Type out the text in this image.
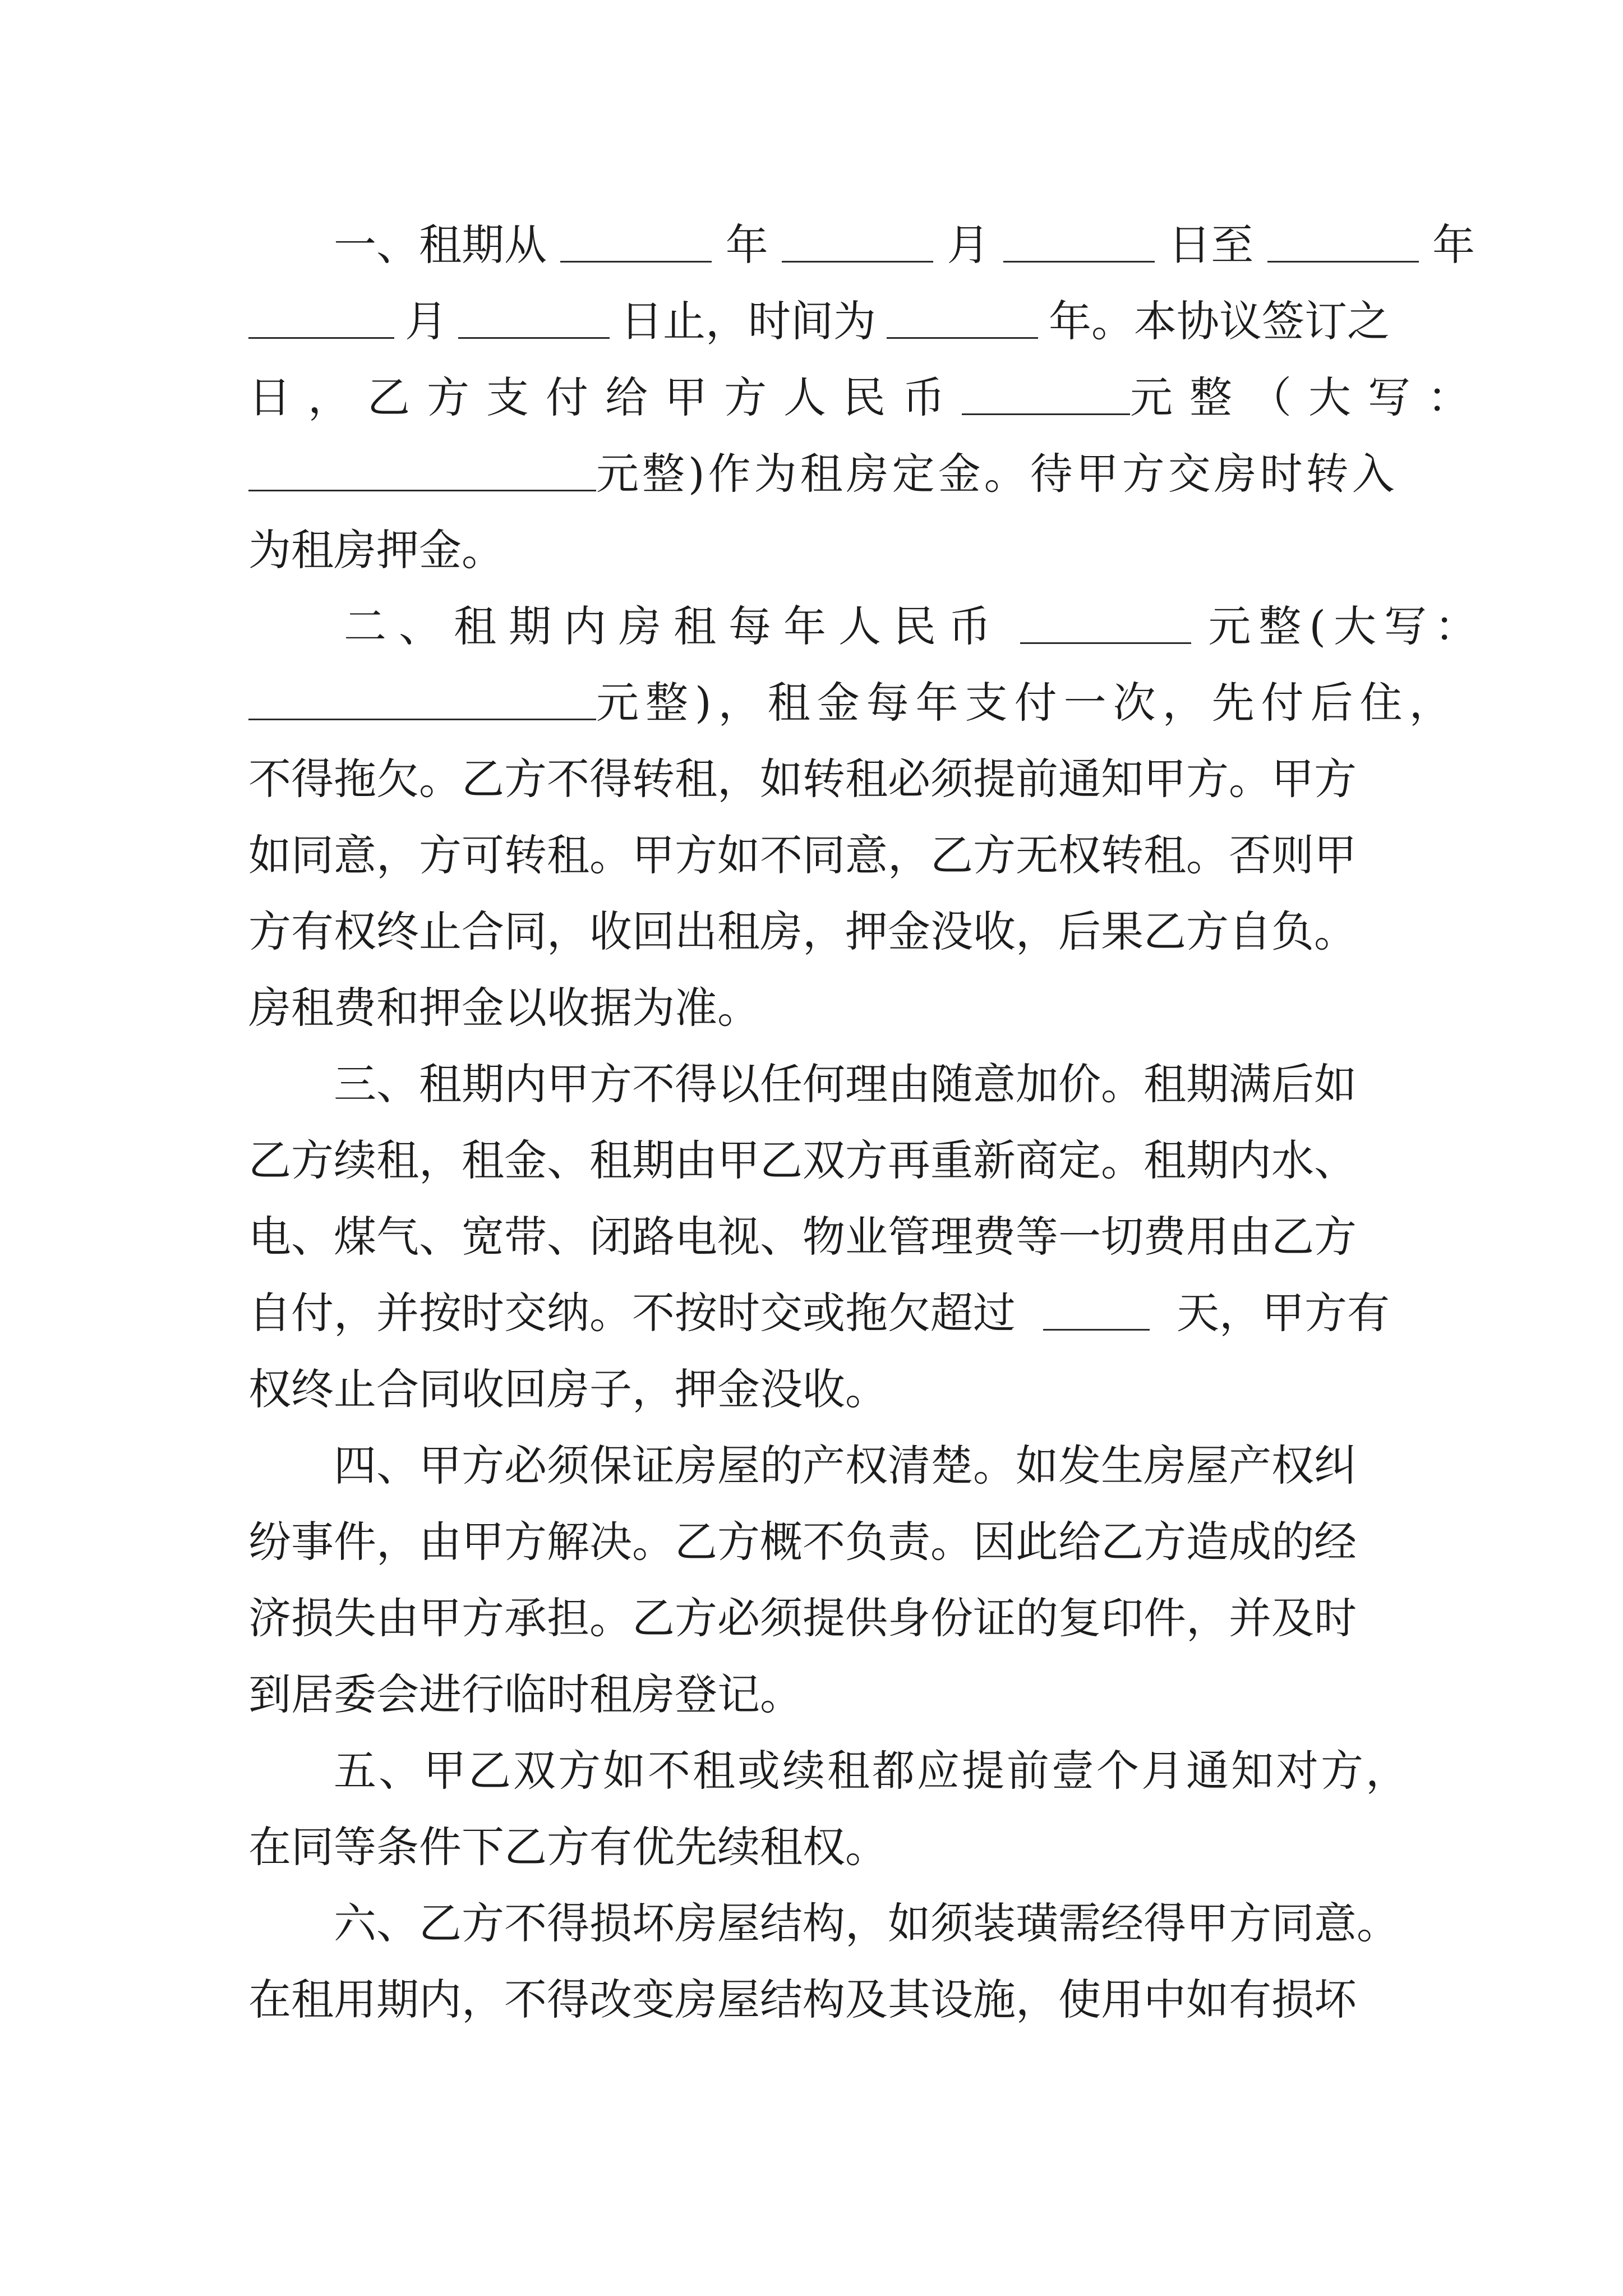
一、租期从	年	月	日至	年
月	日止，时间为	年。本协议签订之
日， 乙方支付给甲方人民币	元整（大写：
元整)作为租房定金。待甲方交房时转入
为租房押金。
二、租期内房租每年人民币	元整(大写：
元整)，租金每年支付一次，先付后住，
不得拖欠。乙方不得转租，如转租必须提前通知甲方。甲方
如同意，方可转租。甲方如不同意，乙方无权转租。否则甲
方有权终止合同，收回出租房，押金没收，后果乙方自负。
房租费和押金以收据为准。
三、租期内甲方不得以任何理由随意加价。租期满后如
乙方续租，租金、租期由甲乙双方再重新商定。租期内水、
电、煤气、宽带、闭路电视、物业管理费等一切费用由乙方
自付，并按时交纳。不按时交或拖欠超过	天，甲方有
权终止合同收回房子，押金没收。
四、甲方必须保证房屋的产权清楚。如发生房屋产权纠
纷事件，由甲方解决。乙方概不负责。因此给乙方造成的经
济损失由甲方承担。乙方必须提供身份证的复印件，并及时
到居委会进行临时租房登记。
五、甲乙双方如不租或续租都应提前壹个月通知对方，
在同等条件下乙方有优先续租权。
六、乙方不得损坏房屋结构，如须装璜需经得甲方同意。
在租用期内，不得改变房屋结构及其设施，使用中如有损坏
